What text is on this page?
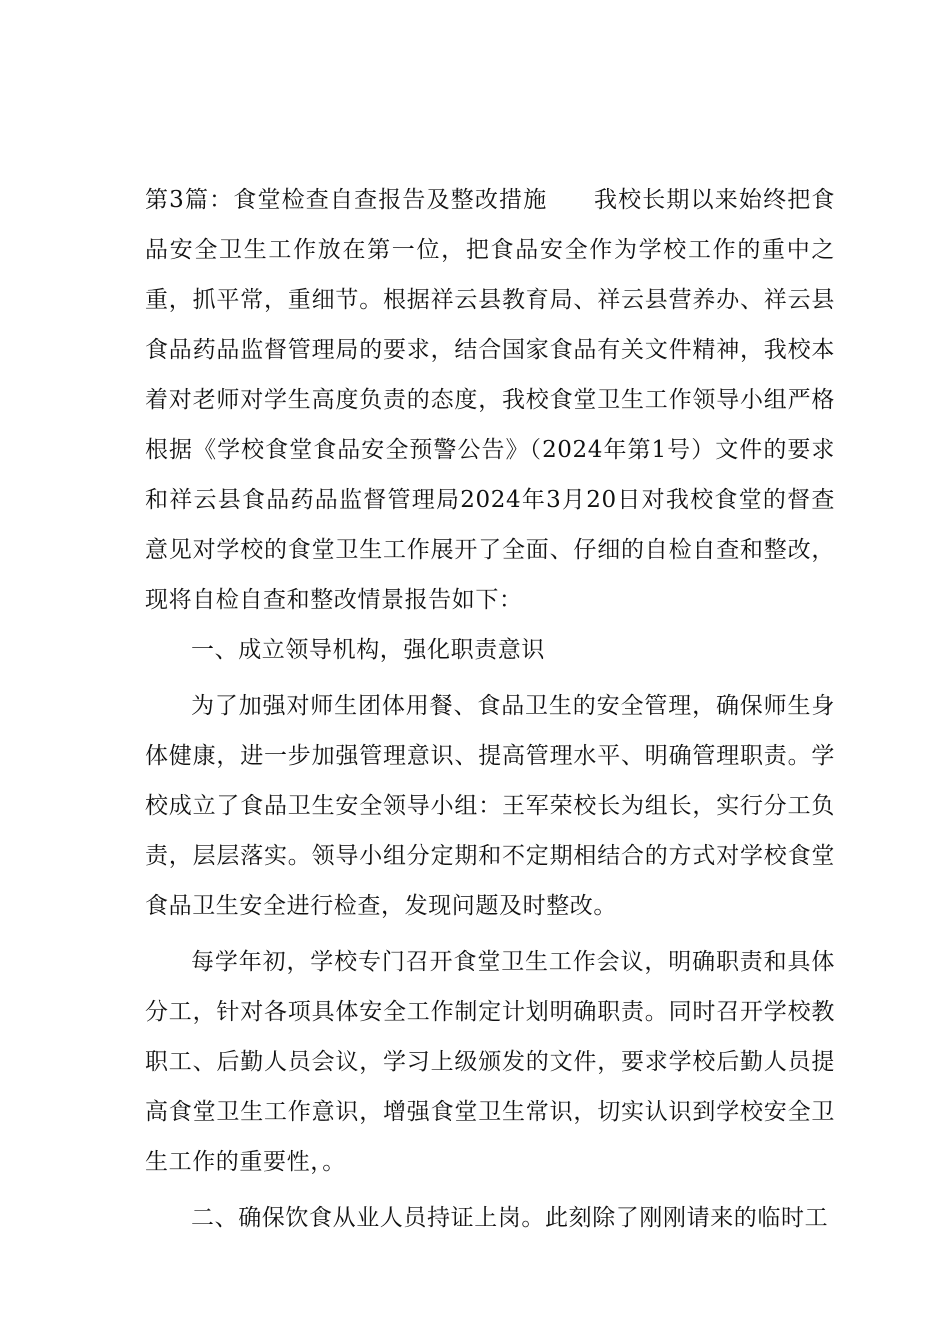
第3篇：食堂检查自查报告及整改措施 我校长期以来始终把食品安全卫生工作放在第一位，把食品安全作为学校工作的重中之重，抓平常，重细节。根据祥云县教育局、祥云县营养办、祥云县食品药品监督管理局的要求，结合国家食品有关文件精神，我校本着对老师对学生高度负责的态度，我校食堂卫生工作领导小组严格根据《学校食堂食品安全预警公告》（2024年第1号）文件的要求和祥云县食品药品监督管理局2024年3月20日对我校食堂的督查意见对学校的食堂卫生工作展开了全面、仔细的自检自查和整改，现将自检自查和整改情景报告如下：

一、成立领导机构，强化职责意识

为了加强对师生团体用餐、食品卫生的安全管理，确保师生身体健康，进一步加强管理意识、提高管理水平、明确管理职责。学校成立了食品卫生安全领导小组：王军荣校长为组长，实行分工负责，层层落实。领导小组分定期和不定期相结合的方式对学校食堂食品卫生安全进行检查，发现问题及时整改。

每学年初，学校专门召开食堂卫生工作会议，明确职责和具体分工，针对各项具体安全工作制定计划明确职责。同时召开学校教职工、后勤人员会议，学习上级颁发的文件，要求学校后勤人员提高食堂卫生工作意识，增强食堂卫生常识，切实认识到学校安全卫生工作的重要性，。

二、确保饮食从业人员持证上岗。此刻除了刚刚请来的临时工
